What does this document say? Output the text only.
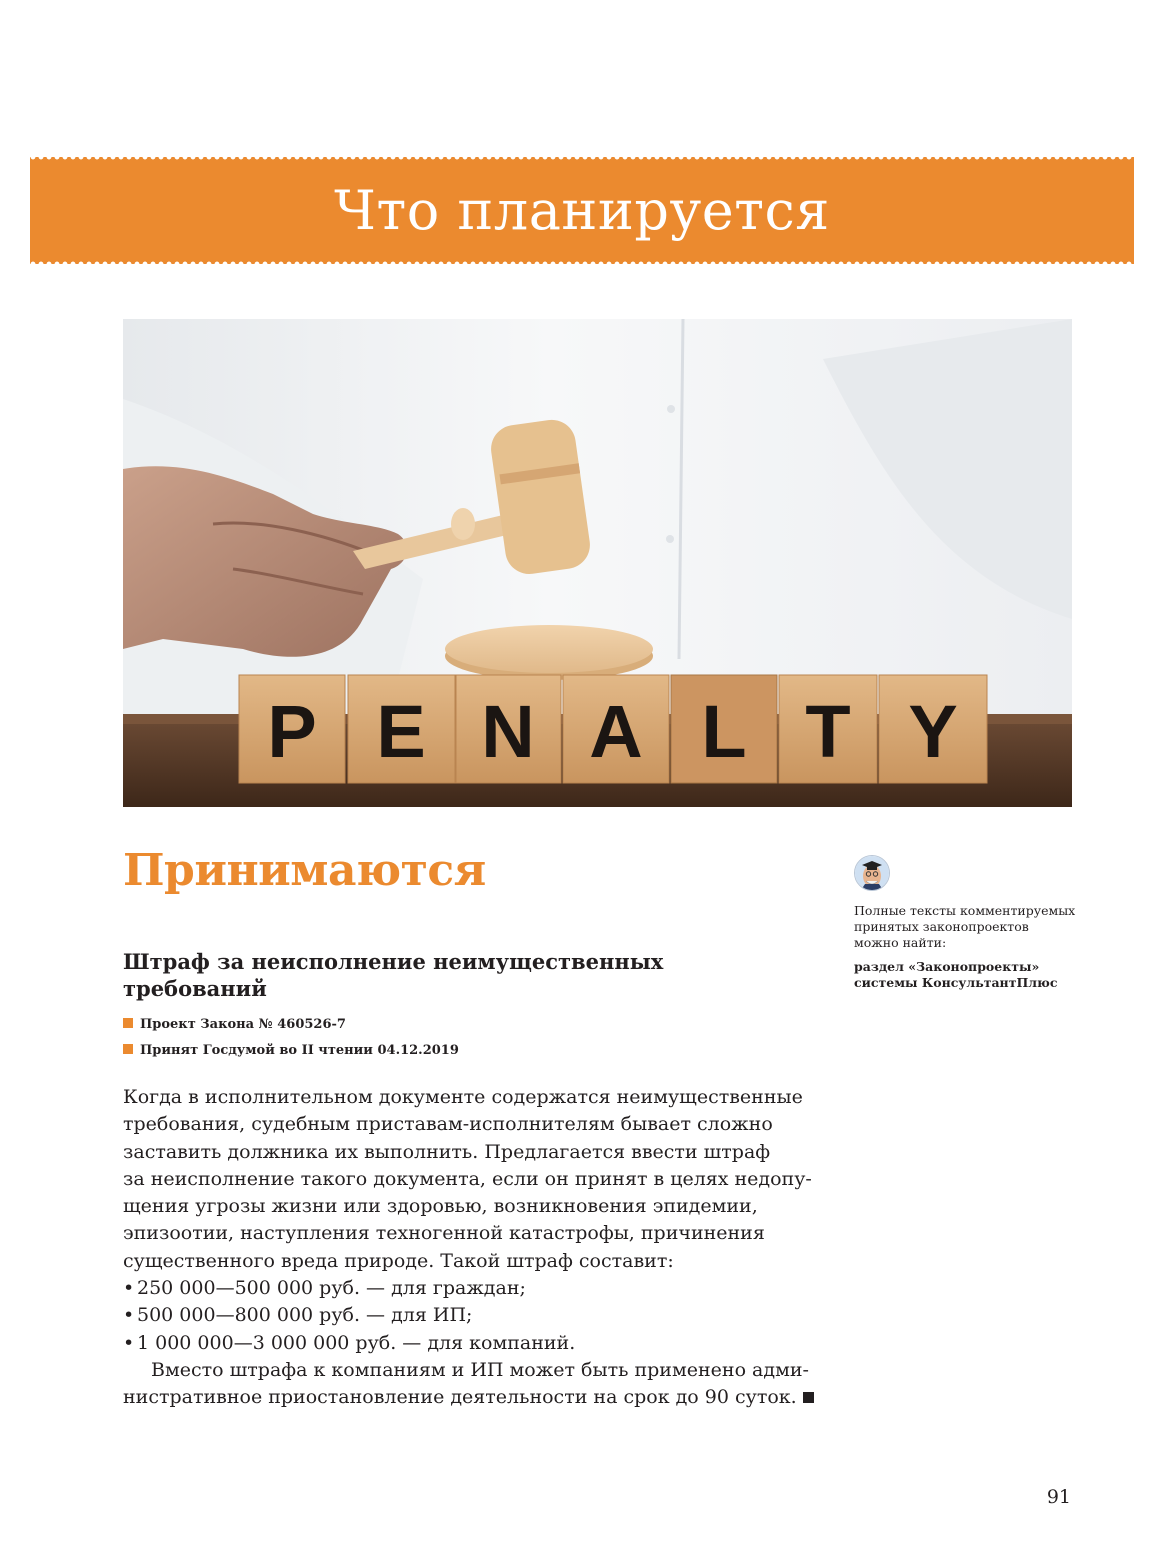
Что планируется
P E N A L T Y
Принимаются
Штраф за неисполнение неимущественных
требований
Проект Закона № 460526-7
Принят Госдумой во II чтении 04.12.2019

Когда в исполнительном документе содержатся неимущественные
требования, судебным приставам-исполнителям бывает сложно
заставить должника их выполнить. Предлагается ввести штраф
за неисполнение такого документа, если он принят в целях недопу-
щения угрозы жизни или здоровью, возникновения эпидемии,
эпизоотии, наступления техногенной катастрофы, причинения
существенного вреда природе. Такой штраф составит:

• 250 000—500 000 руб. — для граждан;
• 500 000—800 000 руб. — для ИП;
• 1 000 000—3 000 000 руб. — для компаний.

Вместо штрафа к компаниям и ИП может быть применено адми-
нистративное приостановление деятельности на срок до 90 суток.

Полные тексты комментируемых
принятых законопроектов
можно найти:
раздел «Законопроекты»
системы КонсультантПлюс
91
